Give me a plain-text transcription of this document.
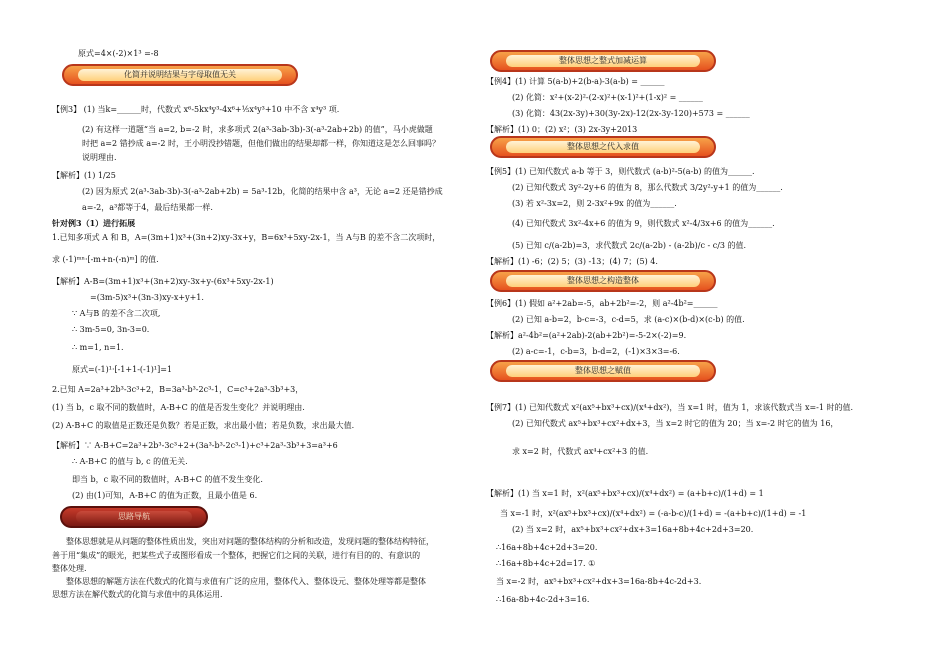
原式=4×(-2)×1³ =-8
化简并说明结果与字母取值无关
【例3】 (1) 当k=______时，代数式 x⁶-5kx⁴y³-4x⁶+⅕x⁴y³+10 中不含 x⁴y³ 项.
(2) 有这样一道题“当 a=2, b=-2 时，求多项式 2(a³-3ab-3b)-3(-a³-2ab+2b) 的值”，马小虎做题
时把 a=2 错抄成 a=-2 时，王小明没抄错题，但他们做出的结果却都一样，你知道这是怎么回事吗？
说明理由.
【解析】(1) 1/25
(2) 因为原式 2(a³-3ab-3b)-3(-a³-2ab+2b) = 5a³-12b，化简的结果中含 a³，无论 a=2 还是错抄成
a=-2，a³都等于4，最后结果都一样.
针对例3（1）进行拓展
1.已知多项式 A 和 B，A=(3m+1)x³+(3n+2)xy-3x+y，B=6x³+5xy-2x-1，当 A与B 的差不含二次项时，
求 (-1)ᵐⁿ·[-m+n-(-n)ᵐ] 的值.
【解析】A-B=(3m+1)x³+(3n+2)xy-3x+y-(6x³+5xy-2x-1)
=(3m-5)x³+(3n-3)xy-x+y+1.
∵ A与B 的差不含二次项,
∴ 3m-5=0, 3n-3=0.
∴ m=1, n=1.
原式=(-1)¹·[-1+1-(-1)¹]=1
2.已知 A=2a³+2b³-3c³+2，B=3a³-b³-2c³-1，C=c³+2a³-3b³+3，
(1) 当 b，c 取不同的数值时，A-B+C 的值是否发生变化？并说明理由.
(2) A-B+C 的取值是正数还是负数？若是正数，求出最小值；若是负数，求出最大值.
【解析】∵ A-B+C=2a³+2b³-3c³+2+(3a³-b³-2c³-1)+c³+2a³-3b³+3=a³+6
∴ A-B+C 的值与 b, c 的值无关.
即当 b，c 取不同的数值时，A-B+C 的值不发生变化.
(2) 由(1)可知，A-B+C 的值为正数，且最小值是 6.
思路导航
整体思想就是从问题的整体性质出发，突出对问题的整体结构的分析和改造，发现问题的整体结构特征，
善于用“集成”的眼光，把某些式子或图形看成一个整体，把握它们之间的关联，进行有目的的、有意识的
整体处理.
整体思想的解题方法在代数式的化简与求值有广泛的应用，整体代入、整体设元、整体处理等都是整体
思想方法在解代数式的化简与求值中的具体运用.
整体思想之整式加减运算
【例4】(1) 计算 5(a-b)+2(b-a)-3(a-b) = ______
(2) 化简：x²+(x-2)²-(2-x)²+(x-1)²+(1-x)² = ______
(3) 化简：43(2x-3y)+30(3y-2x)-12(2x-3y-120)+573 = ______
【解析】(1) 0；(2) x²；(3) 2x-3y+2013
整体思想之代入求值
【例5】(1) 已知代数式 a-b 等于 3，则代数式 (a-b)²-5(a-b) 的值为______.
(2) 已知代数式 3y²-2y+6 的值为 8，那么代数式 3/2y²-y+1 的值为______.
(3) 若 x²-3x=2，则 2-3x²+9x 的值为______.
(4) 已知代数式 3x²-4x+6 的值为 9，则代数式 x²-4/3x+6 的值为______.
(5) 已知 c/(a-2b)=3，求代数式 2c/(a-2b) - (a-2b)/c - c/3 的值.
【解析】(1) -6；(2) 5；(3) -13；(4) 7；(5) 4.
整体思想之构造整体
【例6】(1) 假如 a²+2ab=-5，ab+2b²=-2，则 a²-4b²=______
(2) 已知 a-b=2，b-c=-3，c-d=5，求 (a-c)×(b-d)×(c-b) 的值.
【解析】a²-4b²=(a²+2ab)-2(ab+2b²)=-5-2×(-2)=9.
(2) a-c=-1，c-b=3，b-d=2，(-1)×3×3=-6.
整体思想之赋值
【例7】(1) 已知代数式 x²(ax⁵+bx³+cx)/(x⁴+dx²)，当 x=1 时，值为 1，求该代数式当 x=-1 时的值.
(2) 已知代数式 ax⁵+bx³+cx²+dx+3，当 x=2 时它的值为 20；当 x=-2 时它的值为 16，
求 x=2 时，代数式 ax⁴+cx²+3 的值.
【解析】(1) 当 x=1 时，x²(ax⁵+bx³+cx)/(x⁴+dx²) = (a+b+c)/(1+d) = 1
当 x=-1 时，x²(ax⁵+bx³+cx)/(x⁴+dx²) = (-a-b-c)/(1+d) = -(a+b+c)/(1+d) = -1
(2) 当 x=2 时，ax⁵+bx³+cx²+dx+3=16a+8b+4c+2d+3=20.
∴16a+8b+4c+2d+3=20.
∴16a+8b+4c+2d=17. ①
当 x=-2 时，ax⁵+bx³+cx²+dx+3=16a-8b+4c-2d+3.
∴16a-8b+4c-2d+3=16.
